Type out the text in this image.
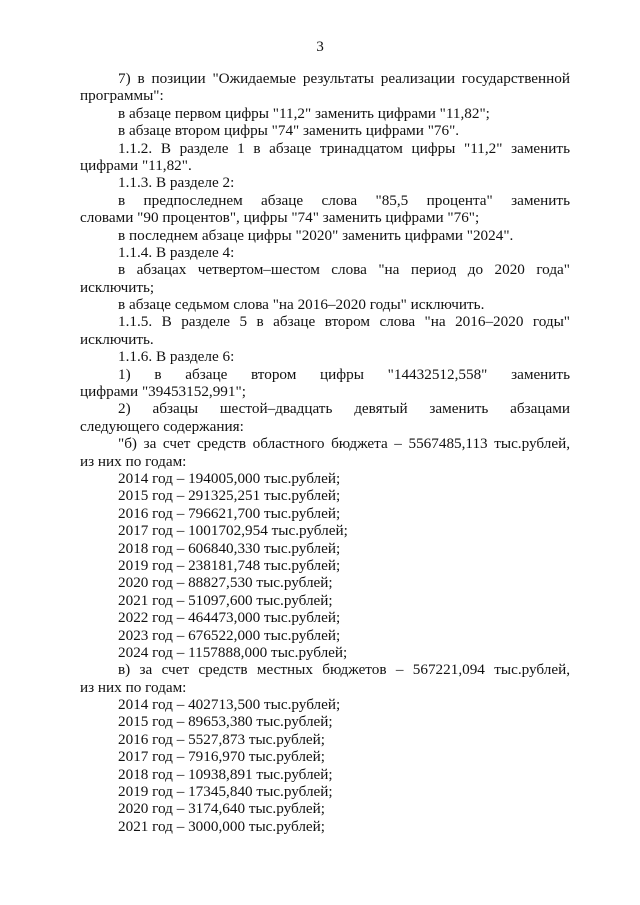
3
7) в позиции "Ожидаемые результаты реализации государственной
программы":
в абзаце первом цифры "11,2" заменить цифрами "11,82";
в абзаце втором цифры "74" заменить цифрами "76".
1.1.2. В разделе 1 в абзаце тринадцатом цифры "11,2" заменить
цифрами "11,82".
1.1.3. В разделе 2:
в предпоследнем абзаце слова "85,5 процента" заменить
словами "90 процентов", цифры "74" заменить цифрами "76";
в последнем абзаце цифры "2020" заменить цифрами "2024".
1.1.4. В разделе 4:
в абзацах четвертом–шестом слова "на период до 2020 года"
исключить;
в абзаце седьмом слова "на 2016–2020 годы" исключить.
1.1.5. В разделе 5 в абзаце втором слова "на 2016–2020 годы"
исключить.
1.1.6. В разделе 6:
1) в абзаце втором цифры "14432512,558" заменить
цифрами "39453152,991";
2) абзацы шестой–двадцать девятый заменить абзацами
следующего содержания:
"б) за счет средств областного бюджета – 5567485,113 тыс.рублей,
из них по годам:
2014 год – 194005,000 тыс.рублей;
2015 год – 291325,251 тыс.рублей;
2016 год – 796621,700 тыс.рублей;
2017 год – 1001702,954 тыс.рублей;
2018 год – 606840,330 тыс.рублей;
2019 год – 238181,748 тыс.рублей;
2020 год – 88827,530 тыс.рублей;
2021 год – 51097,600 тыс.рублей;
2022 год – 464473,000 тыс.рублей;
2023 год – 676522,000 тыс.рублей;
2024 год – 1157888,000 тыс.рублей;
в) за счет средств местных бюджетов – 567221,094 тыс.рублей,
из них по годам:
2014 год – 402713,500 тыс.рублей;
2015 год – 89653,380 тыс.рублей;
2016 год – 5527,873 тыс.рублей;
2017 год – 7916,970 тыс.рублей;
2018 год – 10938,891 тыс.рублей;
2019 год – 17345,840 тыс.рублей;
2020 год – 3174,640 тыс.рублей;
2021 год – 3000,000 тыс.рублей;
